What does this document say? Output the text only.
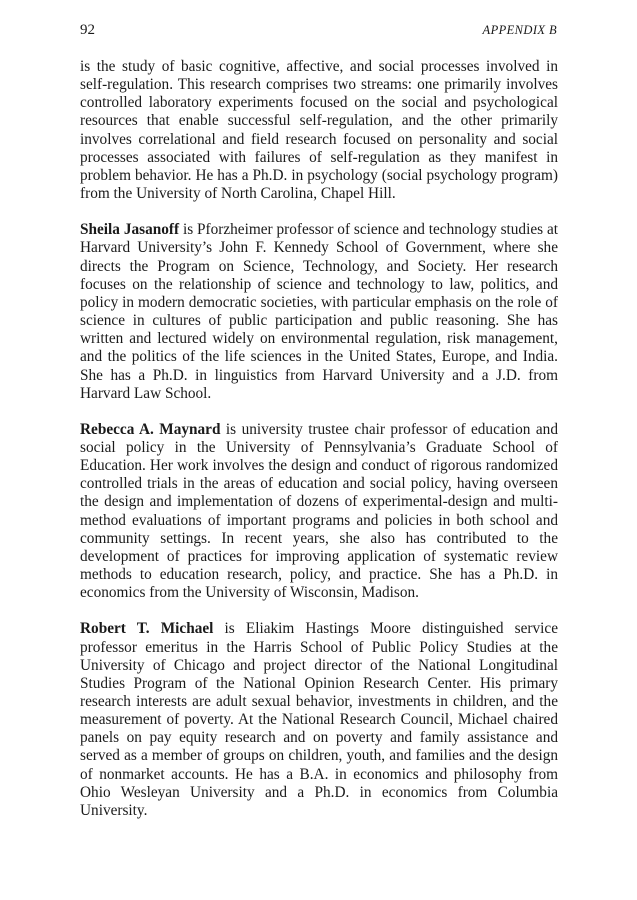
92	APPENDIX B

is the study of basic cognitive, affective, and social processes involved in self-regulation. This research comprises two streams: one primarily involves controlled laboratory experiments focused on the social and psychological resources that enable successful self-regulation, and the other primarily involves correlational and field research focused on personality and social processes associated with failures of self-regulation as they manifest in problem behavior. He has a Ph.D. in psychology (social psychology program) from the University of North Carolina, Chapel Hill.

Sheila Jasanoff is Pforzheimer professor of science and technology studies at Harvard University’s John F. Kennedy School of Government, where she directs the Program on Science, Technology, and Society. Her research focuses on the relationship of science and technology to law, politics, and policy in modern democratic societies, with particular emphasis on the role of science in cultures of public participation and public reasoning. She has written and lectured widely on environmental regulation, risk management, and the politics of the life sciences in the United States, Europe, and India. She has a Ph.D. in linguistics from Harvard University and a J.D. from Harvard Law School.

Rebecca A. Maynard is university trustee chair professor of education and social policy in the University of Pennsylvania’s Graduate School of Education. Her work involves the design and conduct of rigorous randomized controlled trials in the areas of education and social policy, having overseen the design and implementation of dozens of experimental-design and multi-method evaluations of important programs and policies in both school and community settings. In recent years, she also has contributed to the development of practices for improving application of systematic review methods to education research, policy, and practice. She has a Ph.D. in economics from the University of Wisconsin, Madison.

Robert T. Michael is Eliakim Hastings Moore distinguished service professor emeritus in the Harris School of Public Policy Studies at the University of Chicago and project director of the National Longitudinal Studies Program of the National Opinion Research Center. His primary research interests are adult sexual behavior, investments in children, and the measurement of poverty. At the National Research Council, Michael chaired panels on pay equity research and on poverty and family assistance and served as a member of groups on children, youth, and families and the design of nonmarket accounts. He has a B.A. in economics and philosophy from Ohio Wesleyan University and a Ph.D. in economics from Columbia University.
